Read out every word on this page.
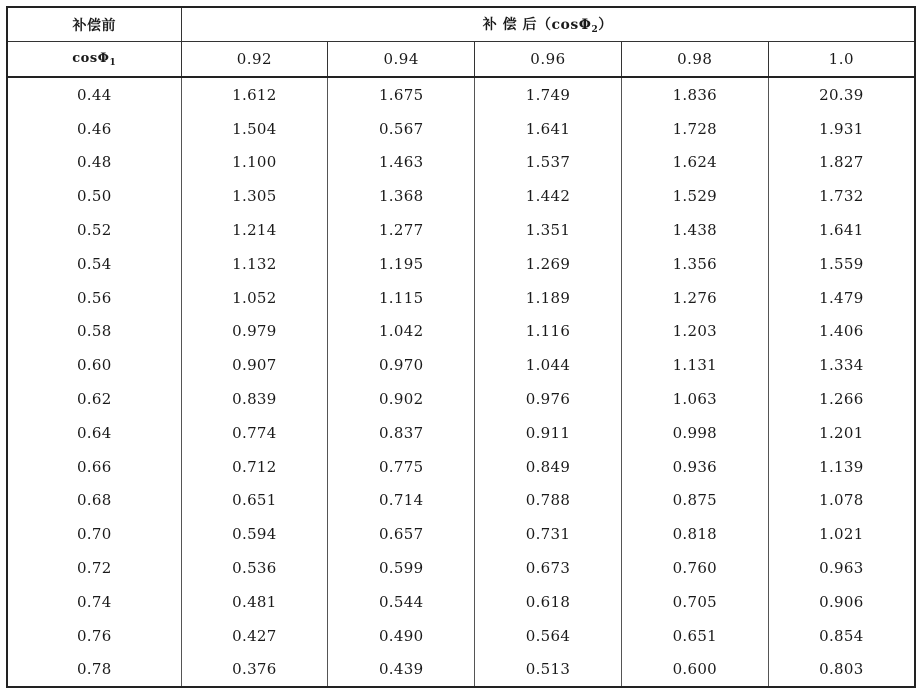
补偿前	补 偿 后（cosΦ$_2$）				
cosΦ$_1$	0.92	0.94	0.96	0.98	1.0
0.44	1.612	1.675	1.749	1.836	20.39
0.46	1.504	0.567	1.641	1.728	1.931
0.48	1.100	1.463	1.537	1.624	1.827
0.50	1.305	1.368	1.442	1.529	1.732
0.52	1.214	1.277	1.351	1.438	1.641
0.54	1.132	1.195	1.269	1.356	1.559
0.56	1.052	1.115	1.189	1.276	1.479
0.58	0.979	1.042	1.116	1.203	1.406
0.60	0.907	0.970	1.044	1.131	1.334
0.62	0.839	0.902	0.976	1.063	1.266
0.64	0.774	0.837	0.911	0.998	1.201
0.66	0.712	0.775	0.849	0.936	1.139
0.68	0.651	0.714	0.788	0.875	1.078
0.70	0.594	0.657	0.731	0.818	1.021
0.72	0.536	0.599	0.673	0.760	0.963
0.74	0.481	0.544	0.618	0.705	0.906
0.76	0.427	0.490	0.564	0.651	0.854
0.78	0.376	0.439	0.513	0.600	0.803
